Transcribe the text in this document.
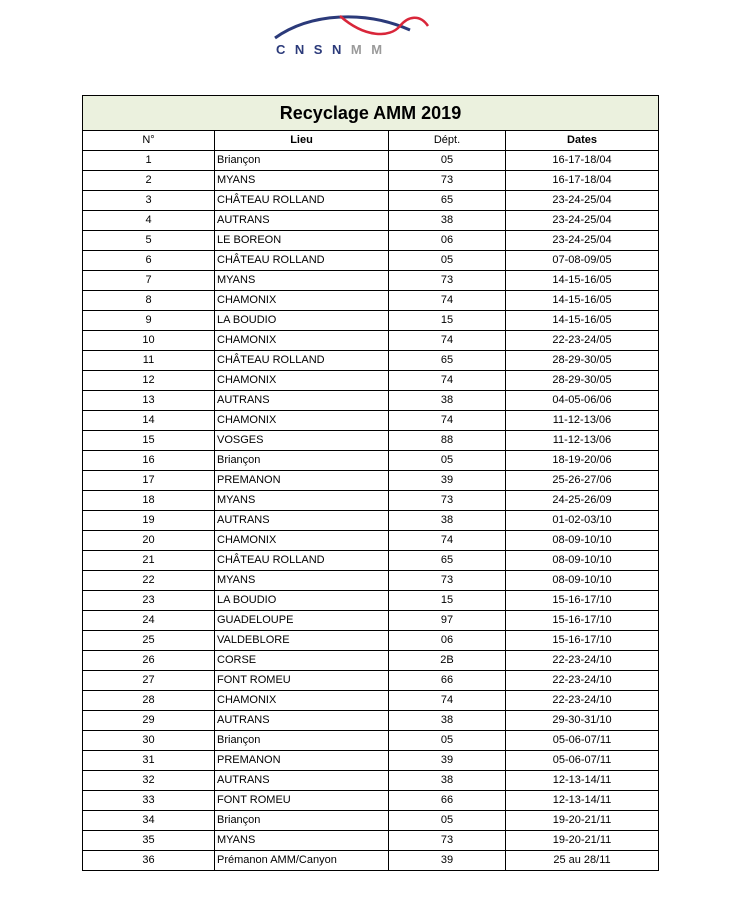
CNSNMM
Recyclage AMM 2019			
N°	Lieu	Dépt.	Dates
1	Briançon	05	16-17-18/04
2	MYANS	73	16-17-18/04
3	CHÂTEAU ROLLAND	65	23-24-25/04
4	AUTRANS	38	23-24-25/04
5	LE BOREON	06	23-24-25/04
6	CHÂTEAU ROLLAND	05	07-08-09/05
7	MYANS	73	14-15-16/05
8	CHAMONIX	74	14-15-16/05
9	LA BOUDIO	15	14-15-16/05
10	CHAMONIX	74	22-23-24/05
11	CHÂTEAU ROLLAND	65	28-29-30/05
12	CHAMONIX	74	28-29-30/05
13	AUTRANS	38	04-05-06/06
14	CHAMONIX	74	11-12-13/06
15	VOSGES	88	11-12-13/06
16	Briançon	05	18-19-20/06
17	PREMANON	39	25-26-27/06
18	MYANS	73	24-25-26/09
19	AUTRANS	38	01-02-03/10
20	CHAMONIX	74	08-09-10/10
21	CHÂTEAU ROLLAND	65	08-09-10/10
22	MYANS	73	08-09-10/10
23	LA BOUDIO	15	15-16-17/10
24	GUADELOUPE	97	15-16-17/10
25	VALDEBLORE	06	15-16-17/10
26	CORSE	2B	22-23-24/10
27	FONT ROMEU	66	22-23-24/10
28	CHAMONIX	74	22-23-24/10
29	AUTRANS	38	29-30-31/10
30	Briançon	05	05-06-07/11
31	PREMANON	39	05-06-07/11
32	AUTRANS	38	12-13-14/11
33	FONT ROMEU	66	12-13-14/11
34	Briançon	05	19-20-21/11
35	MYANS	73	19-20-21/11
36	Prémanon AMM/Canyon	39	25 au 28/11
